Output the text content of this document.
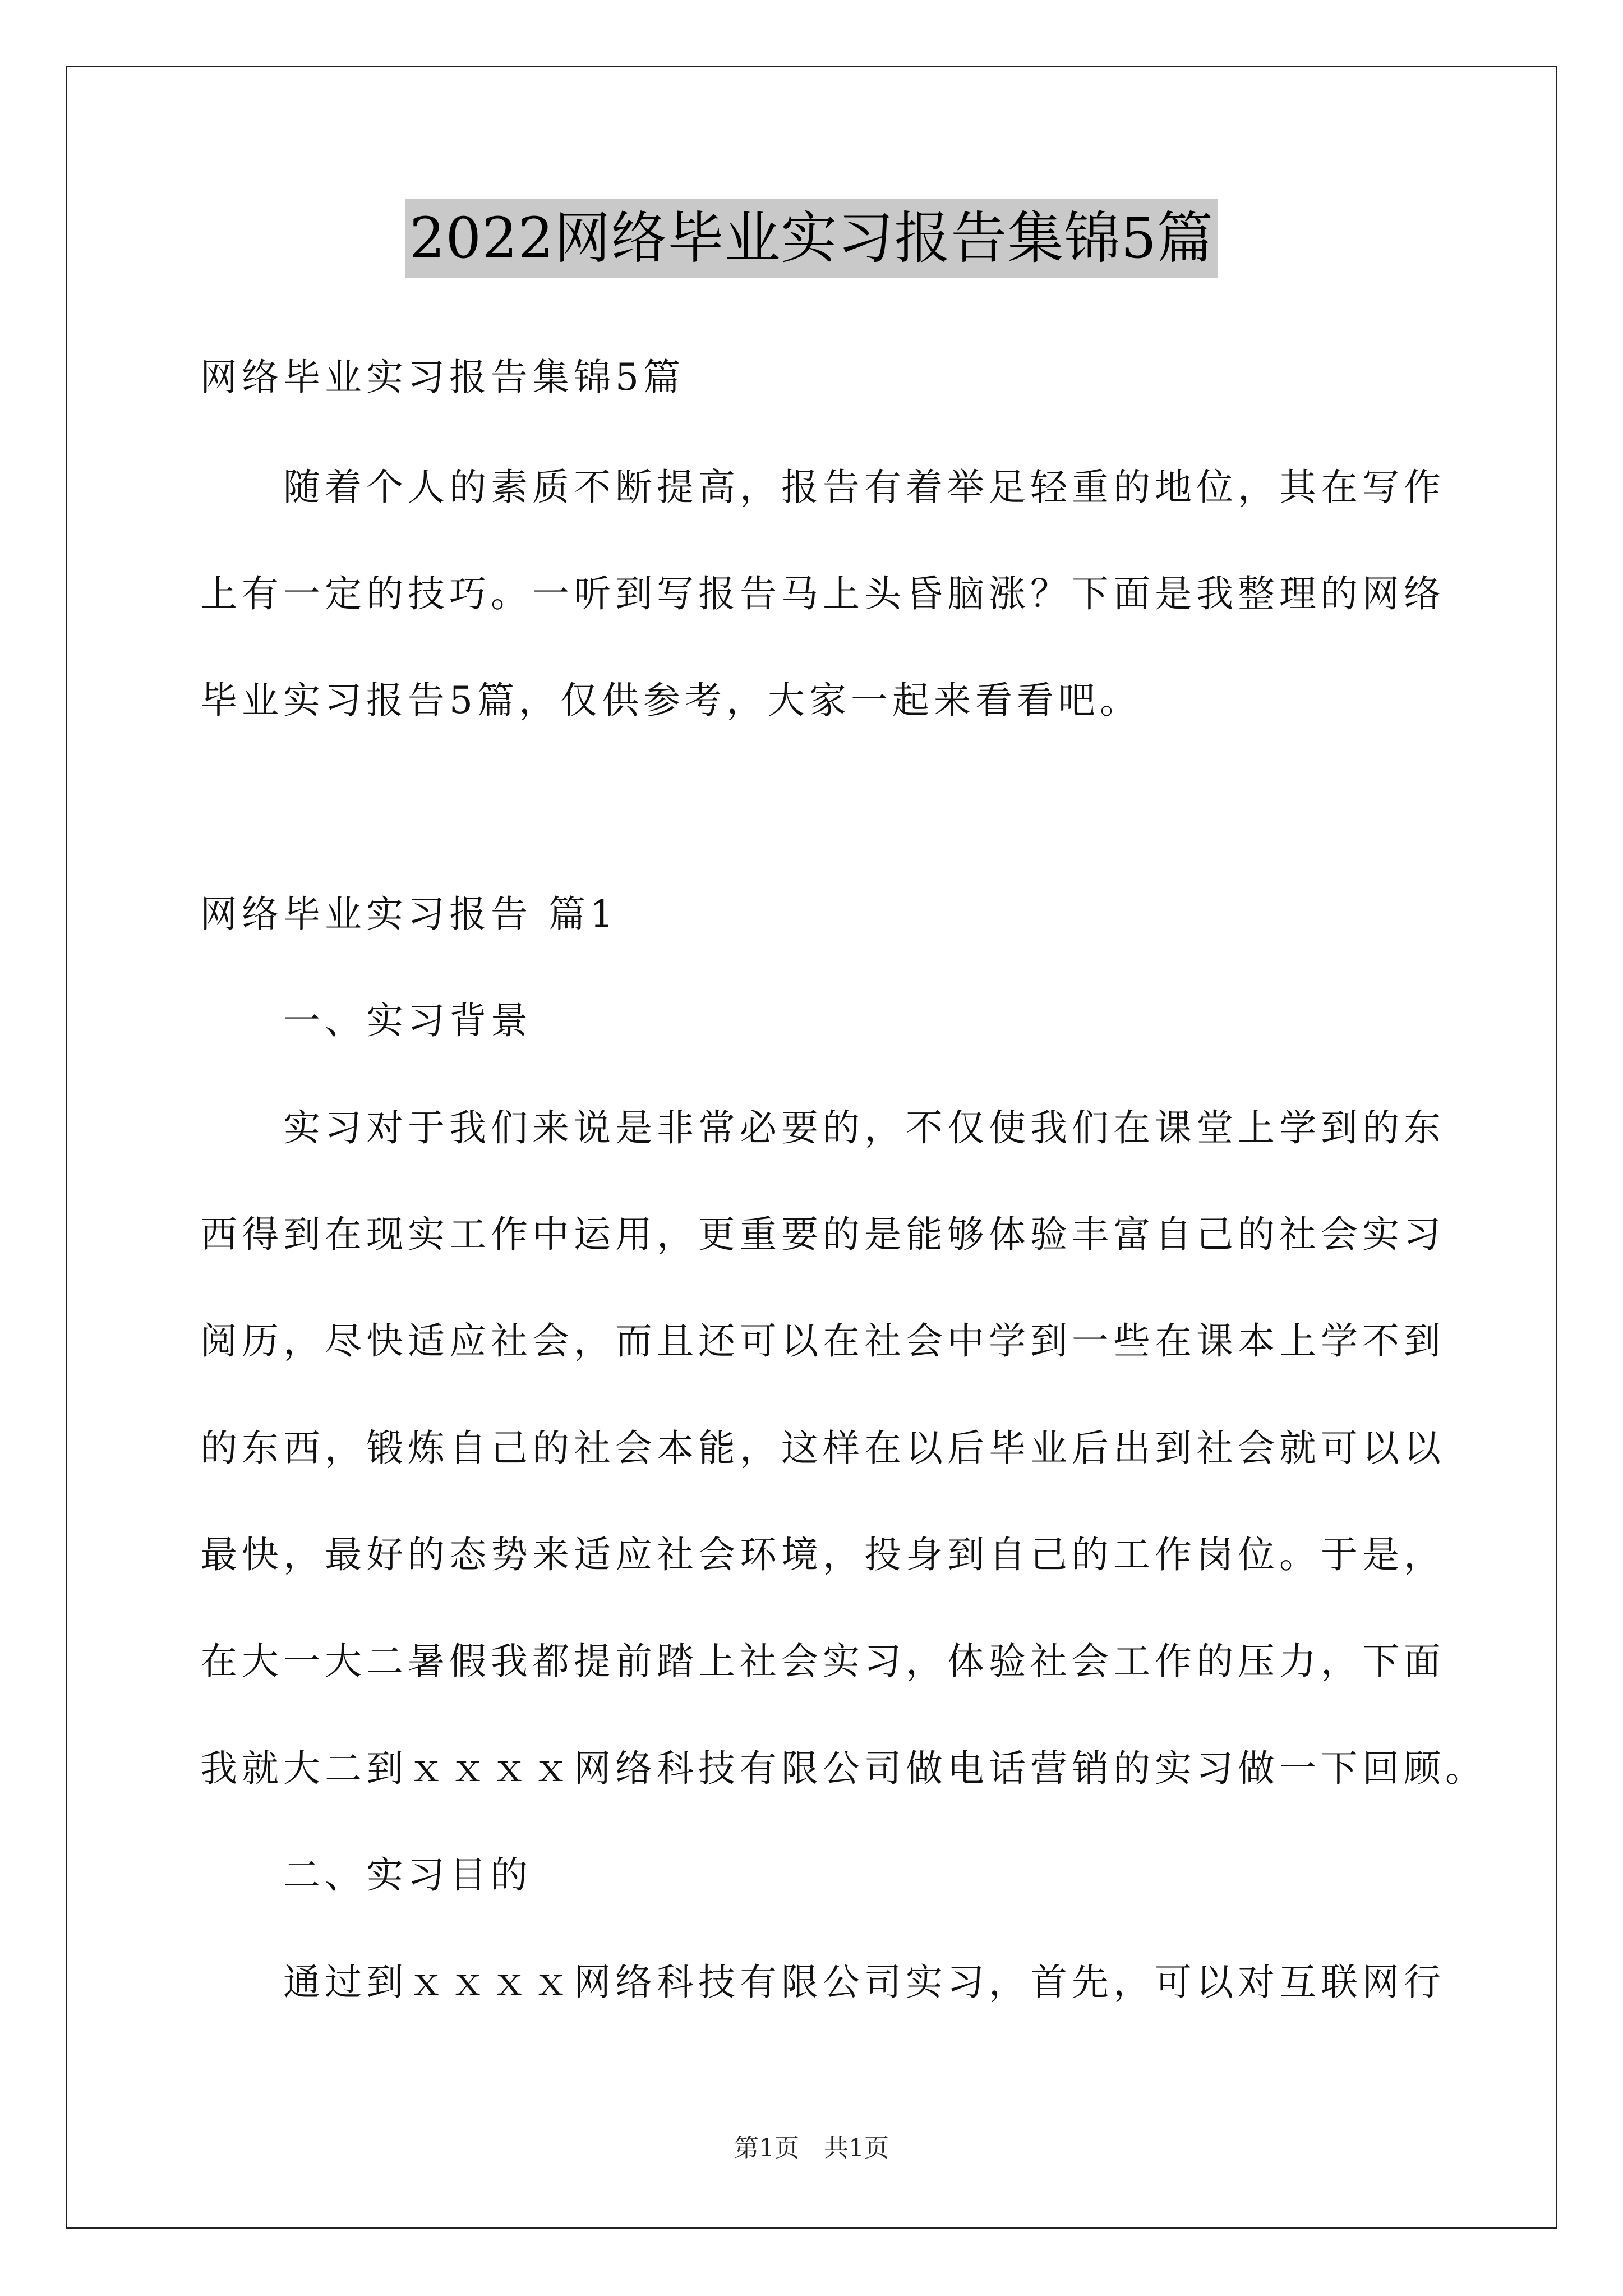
2022网络毕业实习报告集锦5篇
网络毕业实习报告集锦5篇
随着个人的素质不断提高，报告有着举足轻重的地位，其在写作
上有一定的技巧。一听到写报告马上头昏脑涨？下面是我整理的网络
毕业实习报告5篇，仅供参考，大家一起来看看吧。
网络毕业实习报告 篇1
一、实习背景
实习对于我们来说是非常必要的，不仅使我们在课堂上学到的东
西得到在现实工作中运用，更重要的是能够体验丰富自己的社会实习
阅历，尽快适应社会，而且还可以在社会中学到一些在课本上学不到
的东西，锻炼自己的社会本能，这样在以后毕业后出到社会就可以以
最快，最好的态势来适应社会环境，投身到自己的工作岗位。于是，
在大一大二暑假我都提前踏上社会实习，体验社会工作的压力，下面
我就大二到ｘｘｘｘ网络科技有限公司做电话营销的实习做一下回顾。
二、实习目的
通过到ｘｘｘｘ网络科技有限公司实习，首先，可以对互联网行
第1页　共1页
